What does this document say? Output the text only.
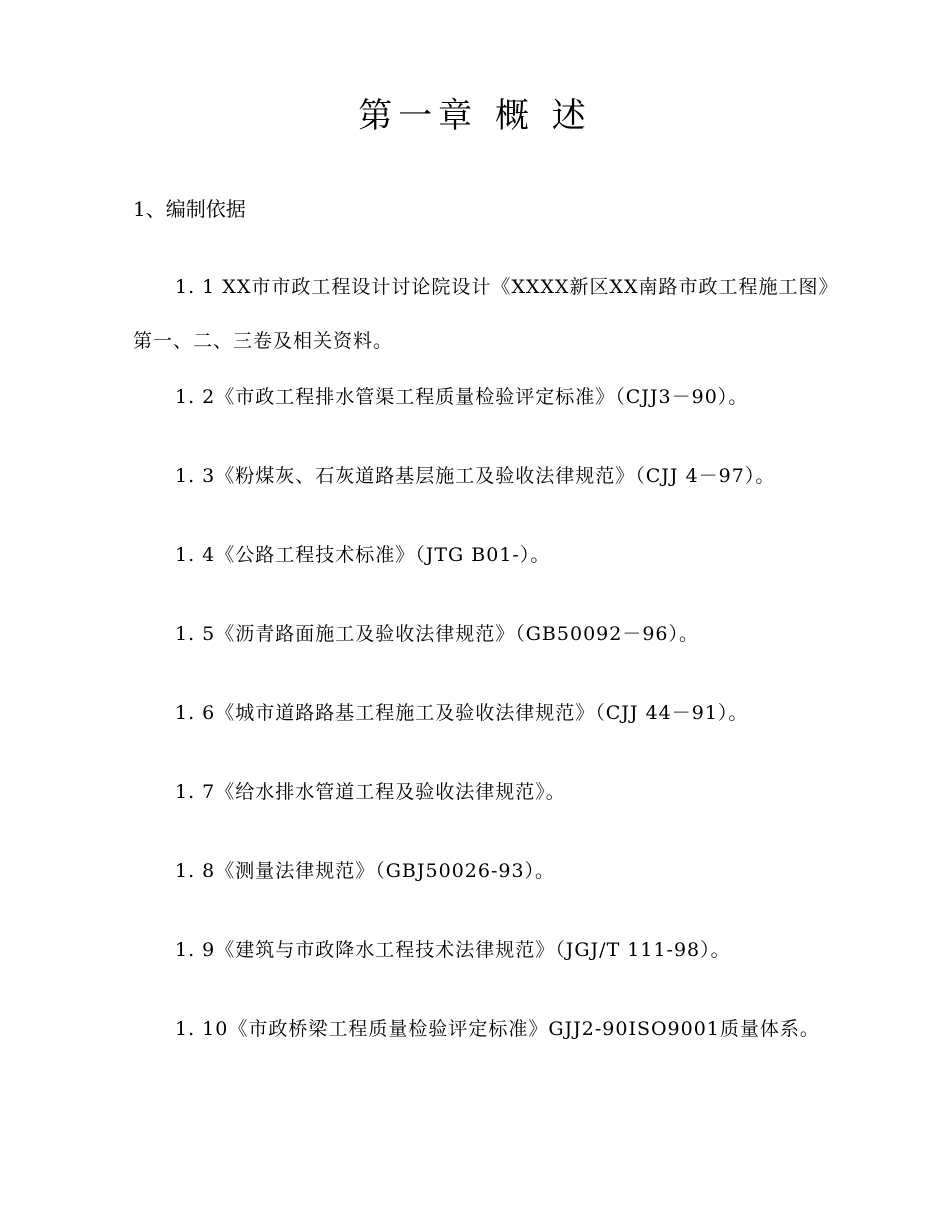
第一章 概 述
1、编制依据
1. 1 XX市市政工程设计讨论院设计《XXXX新区XX南路市政工程施工图》第一、二、三卷及相关资料。
1. 2《市政工程排水管渠工程质量检验评定标准》（CJJ3－90）。
1. 3《粉煤灰、石灰道路基层施工及验收法律规范》（CJJ 4－97）。
1. 4《公路工程技术标准》（JTG B01-）。
1. 5《沥青路面施工及验收法律规范》（GB50092－96）。
1. 6《城市道路路基工程施工及验收法律规范》（CJJ 44－91）。
1. 7《给水排水管道工程及验收法律规范》。
1. 8《测量法律规范》（GBJ50026-93）。
1. 9《建筑与市政降水工程技术法律规范》（JGJ/T 111-98）。
1. 10《市政桥梁工程质量检验评定标准》GJJ2-90ISO9001质量体系。
